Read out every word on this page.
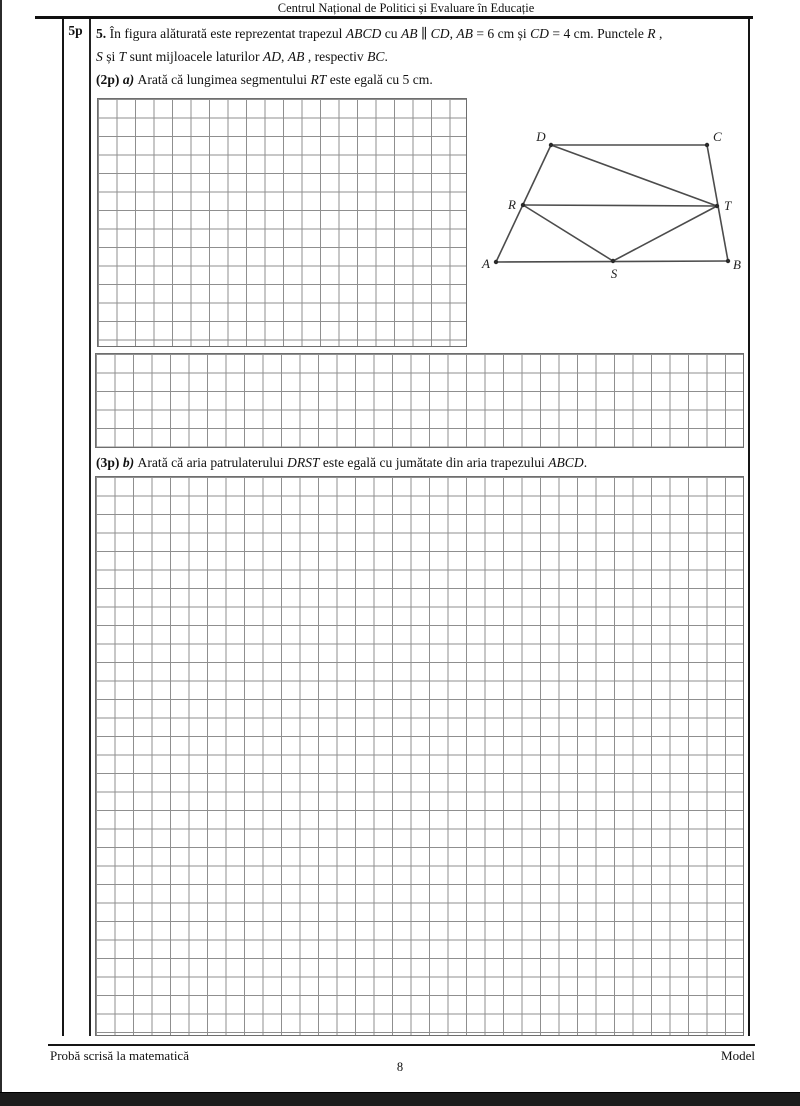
Centrul Național de Politici și Evaluare în Educație
5p 5. În figura alăturată este reprezentat trapezul ABCD cu AB ∥ CD, AB = 6 cm și CD = 4 cm. Punctele R ,
S și T sunt mijloacele laturilor AD, AB , respectiv BC.
(2p) a) Arată că lungimea segmentului RT este egală cu 5 cm.
A	B
C
D
R
S
T
(3p) b) Arată că aria patrulaterului DRST este egală cu jumătate din aria trapezului ABCD.
Probă scrisă la matematică	Model
8
